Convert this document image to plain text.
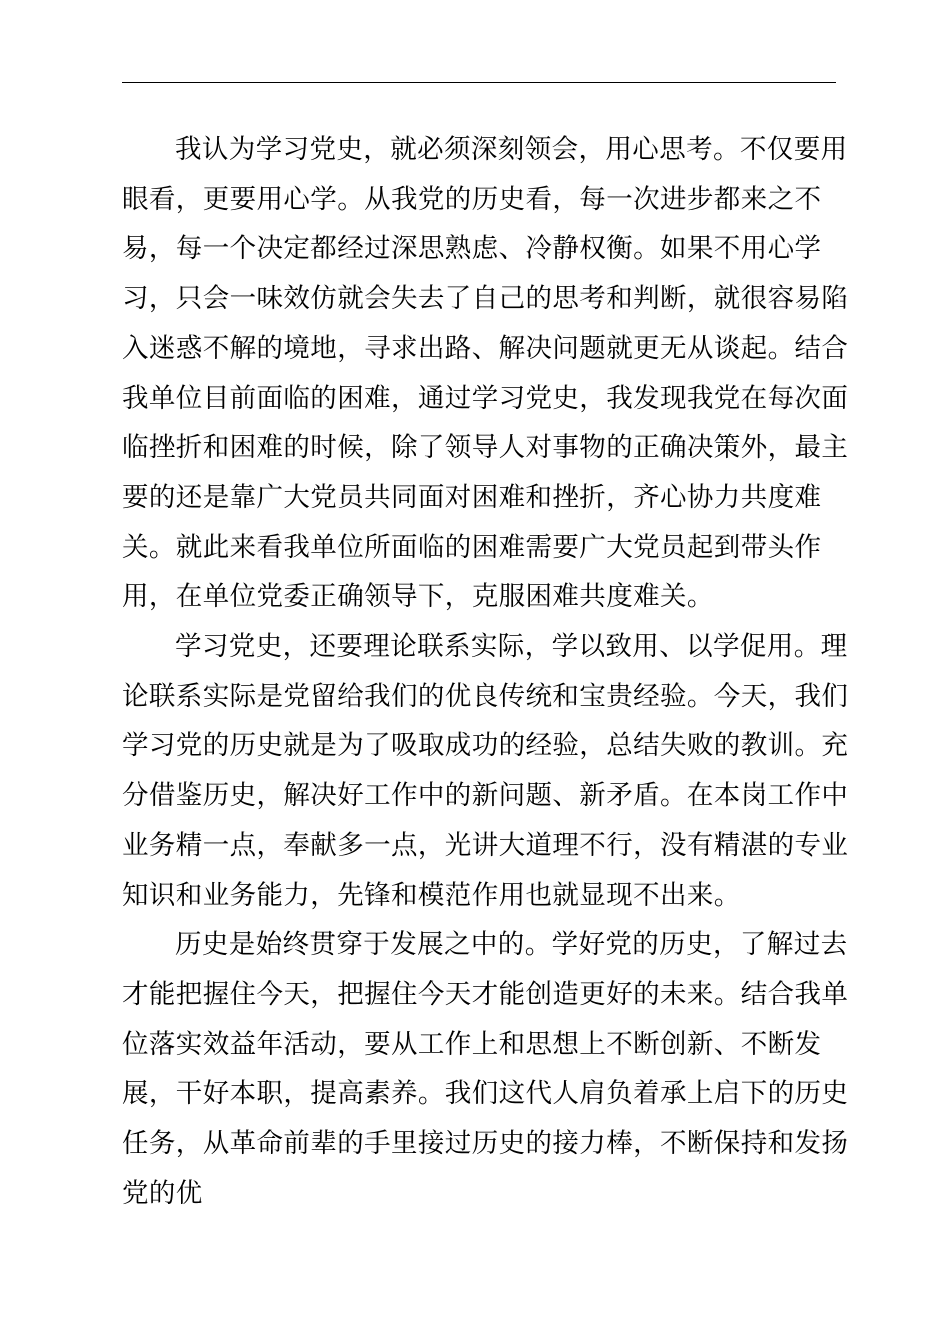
我认为学习党史，就必须深刻领会，用心思考。不仅要用眼看，更要用心学。从我党的历史看，每一次进步都来之不易，每一个决定都经过深思熟虑、冷静权衡。如果不用心学习，只会一味效仿就会失去了自己的思考和判断，就很容易陷入迷惑不解的境地，寻求出路、解决问题就更无从谈起。结合我单位目前面临的困难，通过学习党史，我发现我党在每次面临挫折和困难的时候，除了领导人对事物的正确决策外，最主要的还是靠广大党员共同面对困难和挫折，齐心协力共度难关。就此来看我单位所面临的困难需要广大党员起到带头作用，在单位党委正确领导下，克服困难共度难关。

学习党史，还要理论联系实际，学以致用、以学促用。理论联系实际是党留给我们的优良传统和宝贵经验。今天，我们学习党的历史就是为了吸取成功的经验，总结失败的教训。充分借鉴历史，解决好工作中的新问题、新矛盾。在本岗工作中业务精一点，奉献多一点，光讲大道理不行，没有精湛的专业知识和业务能力，先锋和模范作用也就显现不出来。

历史是始终贯穿于发展之中的。学好党的历史，了解过去才能把握住今天，把握住今天才能创造更好的未来。结合我单位落实效益年活动，要从工作上和思想上不断创新、不断发展，干好本职，提高素养。我们这代人肩负着承上启下的历史任务，从革命前辈的手里接过历史的接力棒，不断保持和发扬党的优
